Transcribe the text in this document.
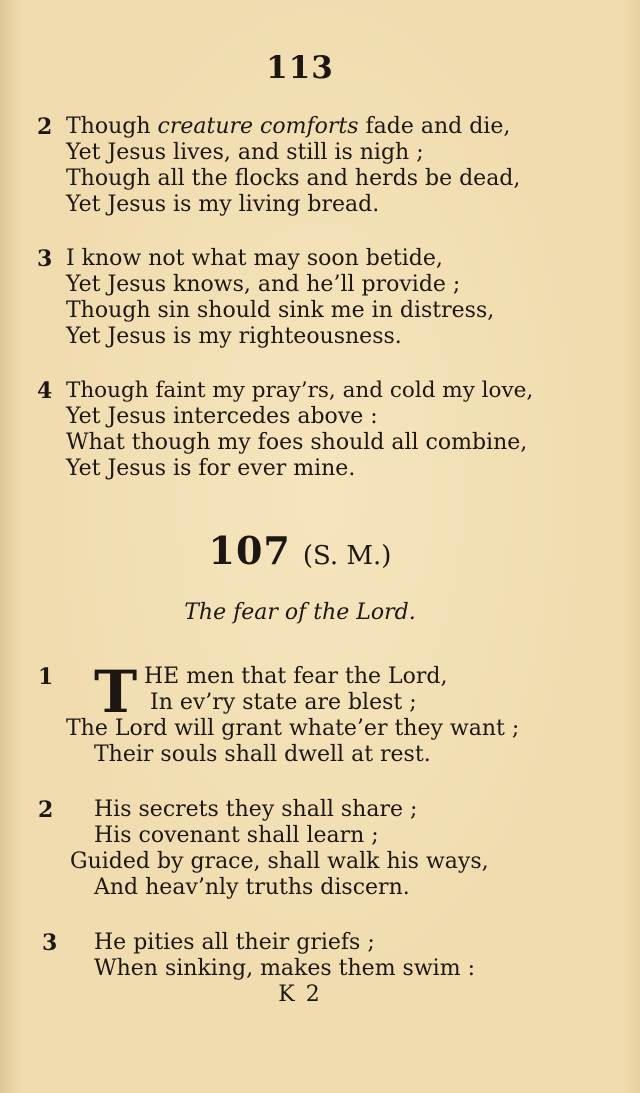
113
2 Though creature comforts fade and die,
Yet Jesus lives, and still is nigh ;
Though all the flocks and herds be dead,
Yet Jesus is my living bread.
3 I know not what may soon betide,
Yet Jesus knows, and he’ll provide ;
Though sin should sink me in distress,
Yet Jesus is my righteousness.
4 Though faint my pray’rs, and cold my love,
Yet Jesus intercedes above :
What though my foes should all combine,
Yet Jesus is for ever mine.
107 (S. M.)
The fear of the Lord.
1 T HE men that fear the Lord,
In ev’ry state are blest ;
The Lord will grant whate’er they want ;
Their souls shall dwell at rest.
2 His secrets they shall share ;
His covenant shall learn ;
Guided by grace, shall walk his ways,
And heav’nly truths discern.
3 He pities all their griefs ;
When sinking, makes them swim :
K 2
